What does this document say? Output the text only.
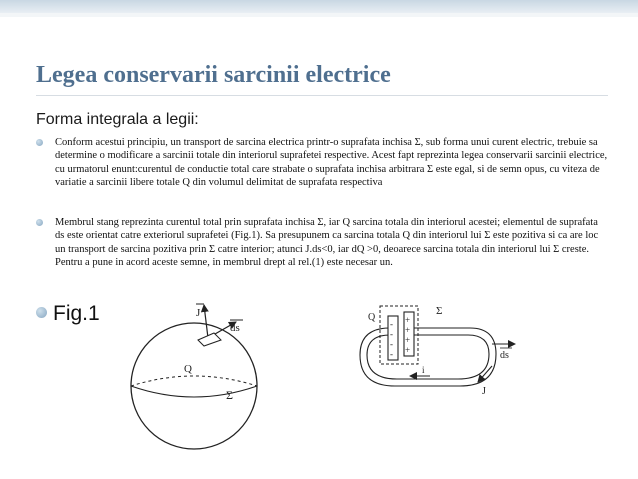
Legea conservarii sarcinii electrice
Forma integrala a legii:
Conform acestui principiu, un transport de sarcina electrica printr-o suprafata inchisa Σ, sub forma unui curent electric, trebuie sa determine o modificare a sarcinii totale din interiorul suprafetei respective. Acest fapt reprezinta legea conservarii sarcinii electrice, cu urmatorul enunt:curentul de conductie total care strabate o suprafata inchisa arbitrara Σ este egal, si de semn opus, cu viteza de variatie a sarcinii libere totale Q din volumul delimitat de suprafata respectiva
Membrul stang reprezinta curentul total prin suprafata inchisa Σ, iar Q sarcina totala din interiorul acestei; elementul de suprafata ds este orientat catre exteriorul suprafetei (Fig.1). Sa presupunem ca sarcina totala Q din interiorul lui Σ este pozitiva si ca are loc un transport de sarcina pozitiva prin Σ catre interior; atunci J.ds<0, iar dQ >0, deoarece sarcina totala din interiorul lui Σ creste. Pentru a pune in acord aceste semne, in membrul drept al rel.(1) este necesar un.
Fig.1	J
ds
Q
Σ
-
-
-
-
+
+
+
+
Q
Σ
ds
J
i
